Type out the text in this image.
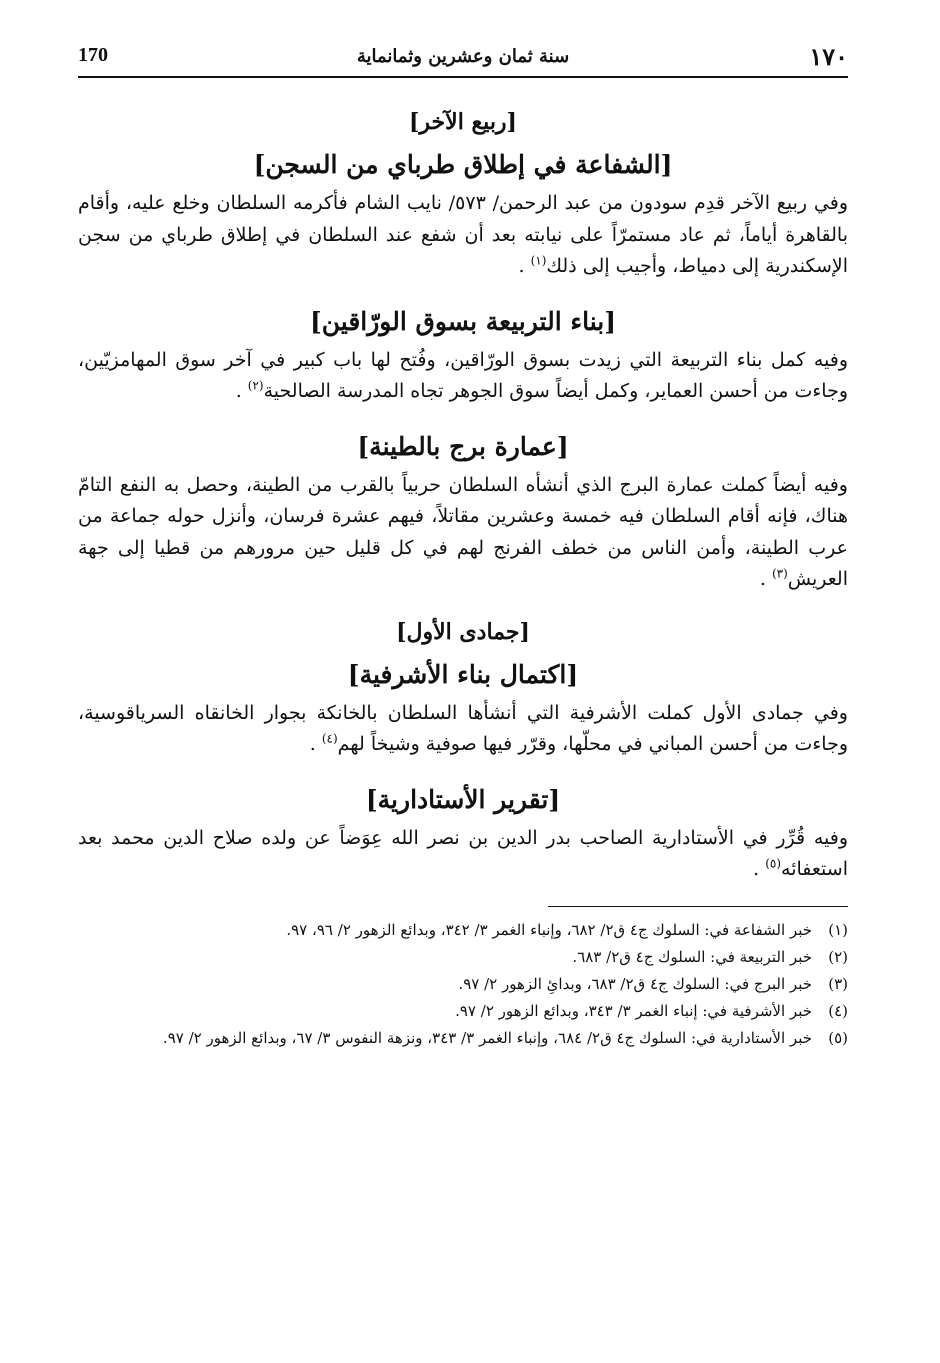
١٧٠
سنة ثمان وعشرين وثمانماية
170
[ربيع الآخر]
[الشفاعة في إطلاق طرباي من السجن]

وفي ربيع الآخر قدِم سودون من عبد الرحمن/ ٥٧٣/ نايب الشام فأكرمه السلطان وخلع عليه، وأقام بالقاهرة أياماً، ثم عاد مستمرّاً على نيابته بعد أن شفع عند السلطان في إطلاق طرباي من سجن الإسكندرية إلى دمياط، وأجيب إلى ذلك$^{(١)}$ .

[بناء التربيعة بسوق الورّاقين]

وفيه كمل بناء التربيعة التي زيدت بسوق الورّاقين، وفُتح لها باب كبير في آخر سوق المهامزيّين، وجاءت من أحسن العماير، وكمل أيضاً سوق الجوهر تجاه المدرسة الصالحية$^{(٢)}$ .

[عمارة برج بالطينة]

وفيه أيضاً كملت عمارة البرج الذي أنشأه السلطان حربياً بالقرب من الطينة، وحصل به النفع التامّ هناك، فإنه أقام السلطان فيه خمسة وعشرين مقاتلاً، فيهم عشرة فرسان، وأنزل حوله جماعة من عرب الطينة، وأمن الناس من خطف الفرنج لهم في كل قليل حين مرورهم من قطيا إلى جهة العريش$^{(٣)}$ .

[جمادى الأول]
[اكتمال بناء الأشرفية]

وفي جمادى الأول كملت الأشرفية التي أنشأها السلطان بالخانكة بجوار الخانقاه السرياقوسية، وجاءت من أحسن المباني في محلّها، وقرّر فيها صوفية وشيخاً لهم$^{(٤)}$ .

[تقرير الأستادارية]

وفيه قُرِّر في الأستادارية الصاحب بدر الدين بن نصر الله عِوَضاً عن ولده صلاح الدين محمد بعد استعفائه$^{(٥)}$ .

(١)
خبر الشفاعة في: السلوك ج٤ ق٢/ ٦٨٢، وإنباء الغمر ٣/ ٣٤٢، وبدائع الزهور ٢/ ٩٦، ٩٧.
(٢)
خبر التربيعة في: السلوك ج٤ ق٢/ ٦٨٣.
(٣)
خبر البرج في: السلوك ج٤ ق٢/ ٦٨٣، وبدائِ الزهور ٢/ ٩٧.
(٤)
خبر الأشرفية في: إنباء الغمر ٣/ ٣٤٣، وبدائع الزهور ٢/ ٩٧.
(٥)
خبر الأستادارية في: السلوك ج٤ ق٢/ ٦٨٤، وإنباء الغمر ٣/ ٣٤٣، ونزهة النفوس ٣/ ٦٧، وبدائع الزهور ٢/ ٩٧.
